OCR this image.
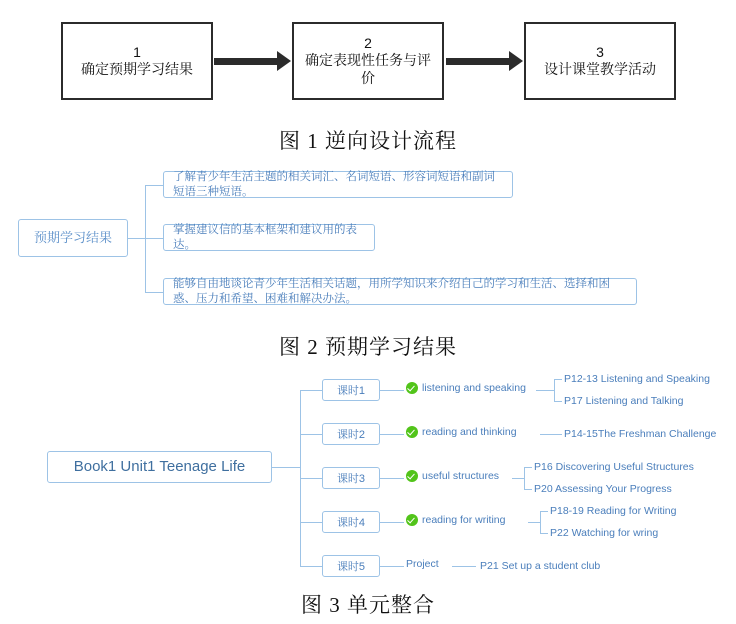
1
确定预期学习结果
2
确定表现性任务与评价
3
设计课堂教学活动
图 1 逆向设计流程
预期学习结果
了解青少年生活主题的相关词汇、名词短语、形容词短语和副词短语三种短语。
掌握建议信的基本框架和建议用的表达。
能够自由地谈论青少年生活相关话题，用所学知识来介绍自己的学习和生活、选择和困惑、压力和希望、困难和解决办法。
图 2 预期学习结果
Book1 Unit1 Teenage Life
课时1
课时2
课时3
课时4
课时5
listening and speaking
reading and thinking
useful structures
reading for writing
Project
P12-13 Listening and Speaking
P17 Listening and Talking
P14-15The Freshman Challenge
P16 Discovering Useful Structures
P20 Assessing Your Progress
P18-19 Reading for Writing
P22 Watching for wring
P21 Set up a student club
图 3 单元整合
